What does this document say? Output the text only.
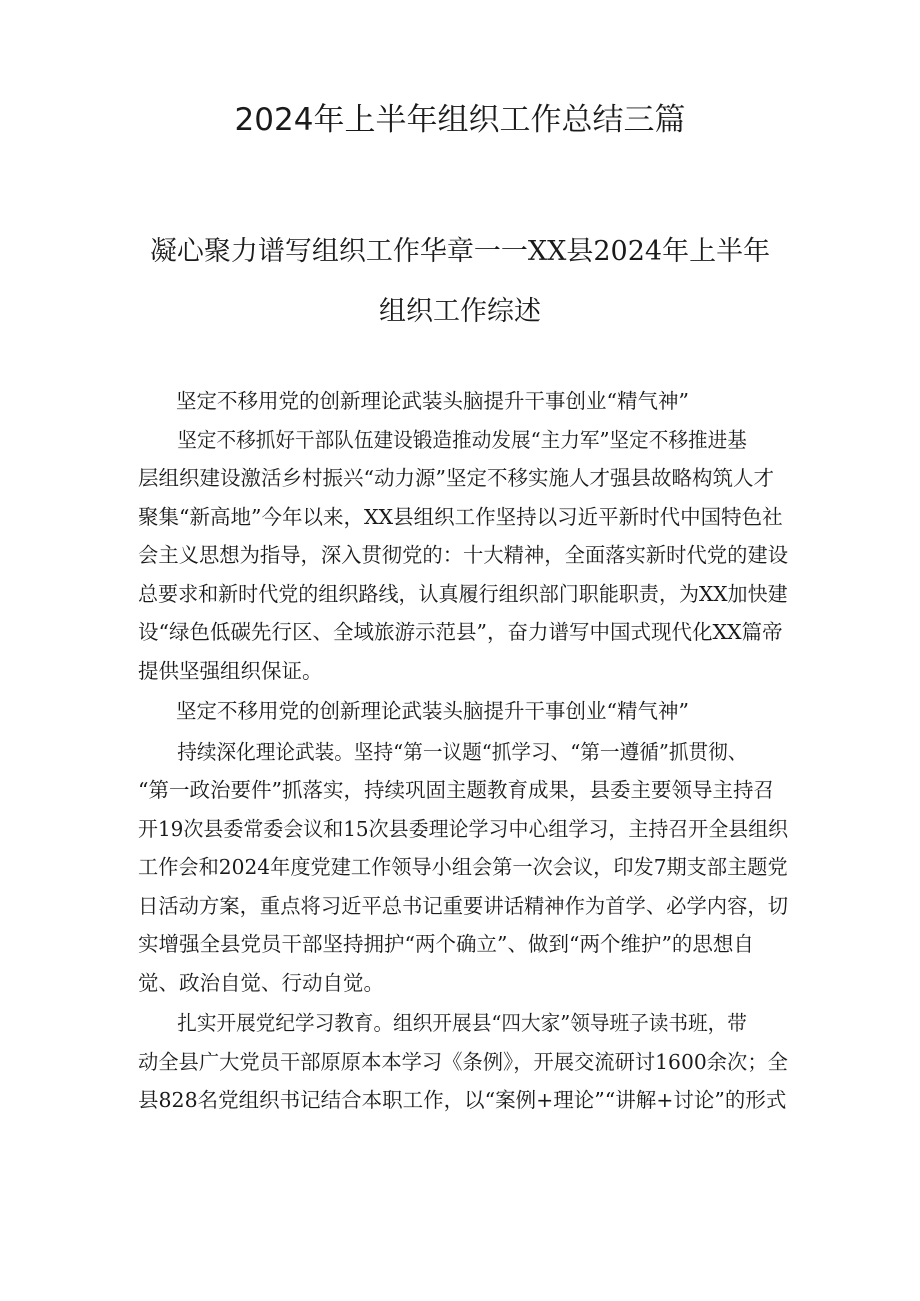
2024年上半年组织工作总结三篇
凝心聚力谱写组织工作华章一一XX县2024年上半年
组织工作综述

坚定不移用党的创新理论武装头脑提升干事创业“精气神”

坚定不移抓好干部队伍建设锻造推动发展“主力军”坚定不移推进基
层组织建设激活乡村振兴“动力源”坚定不移实施人才强县故略构筑人才
聚集“新高地”今年以来，XX县组织工作坚持以习近平新时代中国特色社
会主义思想为指导，深入贯彻党的：十大精神，全面落实新时代党的建设
总要求和新时代党的组织路线，认真履行组织部门职能职责，为XX加快建
设“绿色低碳先行区、全域旅游示范县”，奋力谱写中国式现代化XX篇帝
提供坚强组织保证。

坚定不移用党的创新理论武装头脑提升干事创业“精气神”

持续深化理论武装。坚持“第一议题“抓学习、“第一遵循”抓贯彻、
“第一政治要件”抓落实，持续巩固主题教育成果，县委主要领导主持召
开19次县委常委会议和15次县委理论学习中心组学习，主持召开全县组织
工作会和2024年度党建工作领导小组会第一次会议，印发7期支部主题党
日活动方案，重点将习近平总书记重要讲话精神作为首学、必学内容，切
实增强全县党员干部坚持拥护“两个确立”、做到“两个维护”的思想自
觉、政治自觉、行动自觉。

扎实开展党纪学习教育。组织开展县“四大家”领导班子读书班，带
动全县广大党员干部原原本本学习《条例》，开展交流研讨1600余次；全
县828名党组织书记结合本职工作，以“案例+理论”“讲解+讨论”的形式
